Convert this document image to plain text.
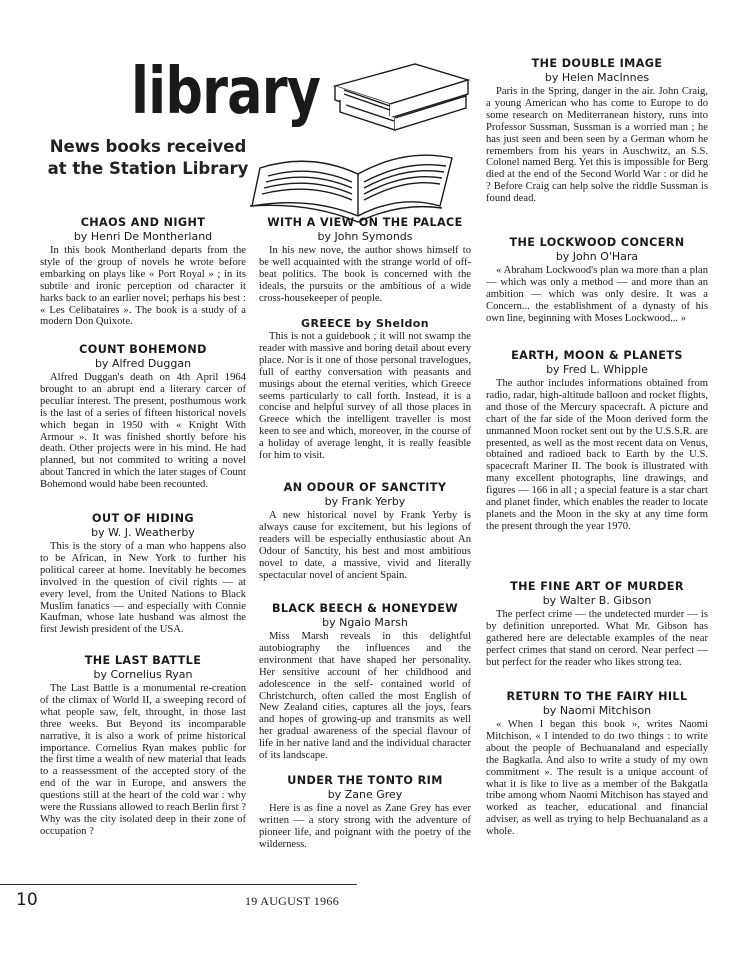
library
News books received at the Station Library

CHAOS AND NIGHT

by Henri De Montherland

In this book Montherland departs from the style of the group of novels he wrote before embarking on plays like « Port Royal » ; in its subtile and ironic perception od character it harks back to an earlier novel; perhaps his best : « Les Celibataires ». The book is a study of a modern Don Quixote.

COUNT BOHEMOND

by Alfred Duggan

Alfred Duggan's death on 4th April 1964 brought to an abrupt end a literary carcer of peculiar interest. The present, posthumous work is the last of a series of fifteen historical novels which began in 1950 with « Knight With Armour ». It was finished shortly before his death. Other projects were in his mind. He had planned, but not commited to writing a novel about Tancred in which the later stages of Count Bohemond would habe been recounted.

OUT OF HIDING

by W. J. Weatherby

This is the story of a man who happens also to be African, in New York to further his political career at home. Inevitably he becomes involved in the question of civil rights — at every level, from the United Nations to Black Muslim fanatics — and especially with Connie Kaufman, whose late husband was almost the first Jewish president of the USA.

THE LAST BATTLE

by Cornelius Ryan

The Last Battle is a monumental re-creation of the climax of World II, a sweeping record of what people saw, felt, throught, in those last three weeks. But Beyond its incomparable narrative, it is also a work of prime historical importance. Cornelius Ryan makes public for the first time a wealth of new material that leads to a reassessment of the accepted story of the end of the war in Europe, and answers the questions still at the heart of the cold war : why were the Russians allowed to reach Berlin first ? Why was the city isolated deep in their zone of occupation ?

WITH A VIEW ON THE PALACE

by John Symonds

In his new nove, the author shows himself to be well acquainted with the strange world of off-beat politics. The book is concerned with the ideals, the pursuits or the ambitious of a wide cross-housekeeper of people.

GREECE by Sheldon

This is not a guidebook ; it will not swamp the reader with massive and boring detail about every place. Nor is it one of those personal travelogues, full of earthy conversation with peasants and musings about the eternal verities, which Greece seems particularly to call forth. Instead, it is a concise and helpful survey of all those places in Greece which the intelligent traveller is most keen to see and which, moreover, in the course of a holiday of average lenght, it is really feasible for him to visit.

AN ODOUR OF SANCTITY

by Frank Yerby

A new historical novel by Frank Yerby is always cause for excitement, but his legions of readers will be especially enthusiastic about An Odour of Sanctity, his best and most ambitious novel to date, a massive, vivid and literally spectacular novel of ancient Spain.

BLACK BEECH & HONEYDEW

by Ngaio Marsh

Miss Marsh reveals in this delightful autobiography the influences and the environment that have shaped her personality. Her sensitive account of her childhood and adolescence in the self- contained world of Christchurch, often called the most English of New Zealand cities, captures all the joys, fears and hopes of growing-up and transmits as well her gradual awareness of the special flavour of life in her native land and the individual character of its landscape.

UNDER THE TONTO RIM

by Zane Grey

Here is as fine a novel as Zane Grey has ever written — a story strong with the adventure of pioneer life, and poignant with the poetry of the wilderness.

THE DOUBLE IMAGE

by Helen MacInnes

Paris in the Spring, danger in the air. John Craig, a young American who has come to Europe to do some research on Mediterranean history, runs into Professor Sussman, Sussman is a worried man ; he has just seen and been seen by a German whom he remembers from his years in Auschwitz, an S.S. Colonel named Berg. Yet this is impossible for Berg died at the end of the Second World War : or did he ? Before Craig can help solve the riddle Sussman is found dead.

THE LOCKWOOD CONCERN

by John O'Hara

« Abraham Lockwood's plan wa more than a plan — which was only a method — and more than an ambition — which was only desire. It was a Concern... the establishment of a dynasty of his own line, beginning with Moses Lockwood... »

EARTH, MOON & PLANETS

by Fred L. Whipple

The author includes informations obtained from radio, radar, high-altitude balloon and rocket flights, and those of the Mercury spacecraft. A picture and chart of the far side of the Moon derived form the unmanned Moon rocket sent out by the U.S.S.R. are presented, as well as the most recent data on Venus, obtained and radioed back to Earth by the U.S. spacecraft Mariner II. The book is illustrated with many excellent photographs, line drawings, and figures — 166 in all ; a special feature is a star chart and planet finder, which enables the reader to locate planets and the Moon in the sky at any time form the present through the year 1970.

THE FINE ART OF MURDER

by Walter B. Gibson

The perfect crime — the undetected murder — is by definition unreported. What Mr. Gibson has gathered here are delectable examples of the near perfect crimes that stand on cerord. Near perfect — but perfect for the reader who likes strong tea.

RETURN TO THE FAIRY HILL

by Naomi Mitchison

« When I began this book », writes Naomi Mitchison, « I intended to do two things : to write about the people of Bechuanaland and especially the Bagkatla. And also to write a study of my own commitment ». The result is a unique account of what it is like to live as a member of the Bakgatla tribe among whom Naomi Mitchison has stayed and worked as teacher, educational and financial adviser, as well as trying to help Bechuanaland as a whole.

10	19 AUGUST 1966
